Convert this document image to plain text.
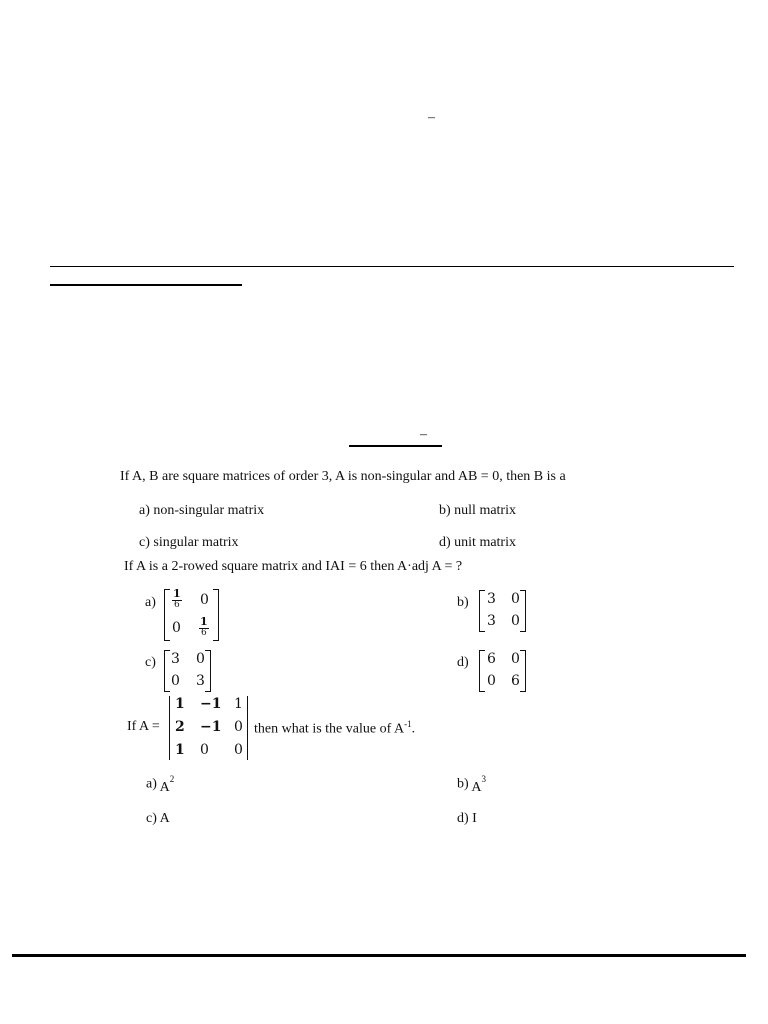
–
–
If A, B are square matrices of order 3, A is non-singular and AB = 0, then B is a
a) non-singular matrix	b) null matrix
c) singular matrix	d) unit matrix
If A is a 2-rowed square matrix and IAI = 6 then A·adj A = ?
$a) \frac{1}{6} 0$
$0 \frac{1}{6}$
b) 3 0
3 0
c) 3 0
0 3
d) 6 0
0 6
If A =
1 −1 1
2 −1 0
1 0 0
then what is the value of $A^{-1}$.
a) $A^2$	b) $A^3$
c) A	d) I
